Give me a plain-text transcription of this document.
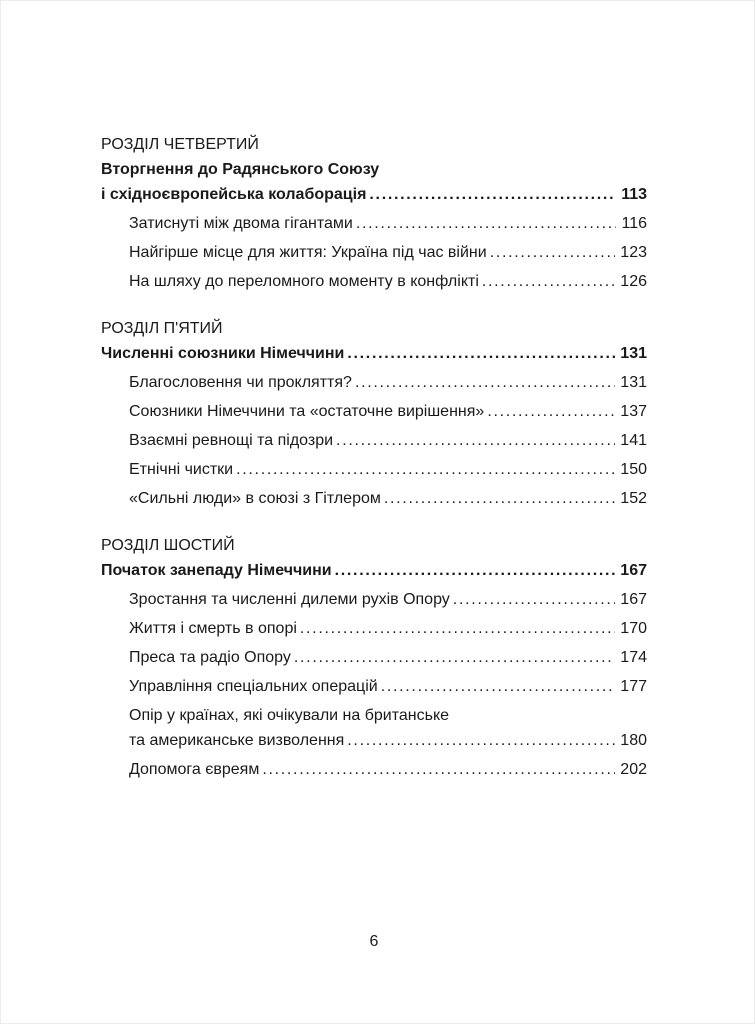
РОЗДІЛ ЧЕТВЕРТИЙ
Вторгнення до Радянського Союзу
і східноєвропейська колаборація .....	113
Затиснуті між двома гігантами .....	116
Найгірше місце для життя: Україна під час війни .....	123
На шляху до переломного моменту в конфлікті .....	126
РОЗДІЛ П'ЯТИЙ
Численні союзники Німеччини .....	131
Благословення чи прокляття? .....	131
Союзники Німеччини та «остаточне вирішення» .....	137
Взаємні ревнощі та підозри .....	141
Етнічні чистки .....	150
«Сильні люди» в союзі з Гітлером .....	152
РОЗДІЛ ШОСТИЙ
Початок занепаду Німеччини .....	167
Зростання та численні дилеми рухів Опору .....	167
Життя і смерть в опорі .....	170
Преса та радіо Опору .....	174
Управління спеціальних операцій .....	177
Опір у країнах, які очікували на британське
та американське визволення .....	180
Допомога євреям .....	202
6
